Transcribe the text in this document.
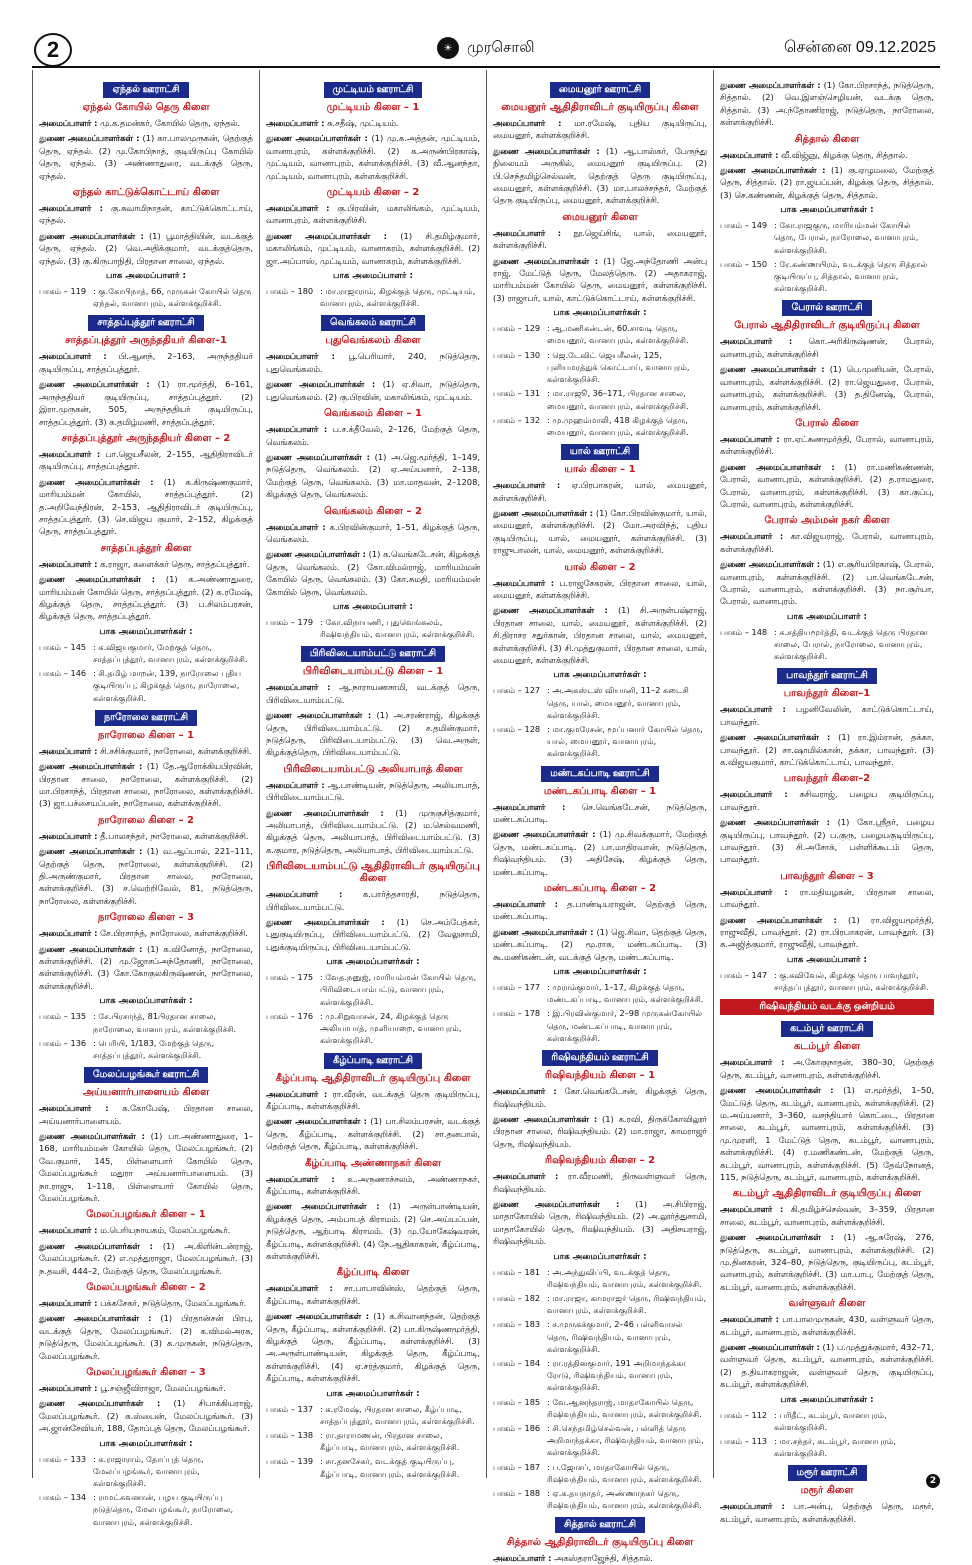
2	☀ முரசொலி	சென்னை 09.12.2025
ஏந்தல் ஊராட்சி
ஏந்தல் கோயில் தெரு கிளை
அமைப்பாளர் : மு.க.தமன்கர், கோயில் தெரு, ஏந்தல்.
துணை அமைப்பாளர்கள் : (1) கா.பாலமுருகன், தெற்குத் தெரு, ஏந்தல். (2) மு.கோபிநாத், குடியிருப்பு கோயில் தெரு, ஏந்தல். (3) அண்ணாதுரை, வடக்குத் தெரு, ஏந்தல்.
ஏந்தல் காட்டுக்கொட்டாய் கிளை
அமைப்பாளர் : கு.சுவாமிநாதன், காட்டுக்கொட்டாய், ஏந்தல்.
துணை அமைப்பாளர்கள் : (1) பூமாத்தியின், வடக்குத் தெரு, ஏந்தல். (2) வெ.அதிக்குமார், வடக்குத்தெரு, ஏந்தல். (3) கு.கிருபாநிதி, பிரதான சாலை, ஏந்தல்.
பாக அமைப்பாளர் :
பாகம் – 119 : கு.கோபிநாத், 66, முருகன் கோயில் தெரு ஏந்தல், வானாபுரம், கள்ளக்குறிச்சி.
சாத்தப்புத்தூர் ஊராட்சி
சாத்தப்புத்தூர் அருந்ததியர் கிளை–1
அமைப்பாளர் : பி.ஆனந், 2–163, அருந்ததியர் குடியிருப்பு, சாத்தப்புத்தூர்.
துணை அமைப்பாளர்கள் : (1) ரா.மூர்த்தி, 6–161, அருந்ததியர் குடியிருப்பு, சாத்தப்புத்தூர். (2) இரா.முருகன், 505, அருந்ததியர் குடியிருப்பு, சாத்தப்புத்தூர். (3) க.தமிழ்மணி, சாத்தப்புத்தூர்.
சாத்தப்புத்தூர் அருந்ததியர் கிளை – 2
அமைப்பாளர் : பா.ஜெயசீலன், 2–155, ஆதிதிராவிடர் குடியிருப்பு, சாத்தப்புத்தூர்.
துணை அமைப்பாளர்கள் : (1) க.கிருஷ்ணகுமார், மாரியம்மன் கோயில், சாத்தப்புத்தூர். (2) த.அறிவேந்திரன், 2–153, ஆதிதிராவிடர் குடியிருப்பு, சாத்தப்புத்தூர். (3) செ.விஜய குமார், 2–152, கிழக்குத் தெரு, சாத்தப்புத்தூர்.
சாத்தப்புத்தூர் கிளை
அமைப்பாளர் : க.ராஜா, களைக்கர் தெரு, சாத்தப்புத்தூர்.
துணை அமைப்பாளர்கள் : (1) க.அண்ணாதுரை, மாரியம்மன் கோயில் தெரு, சாத்தப்புத்தூர். (2) க.ரமேஷ், கிழக்குத் தெரு, சாத்தப்புத்தூர். (3) ப.சிலம்பரசன், கிழக்குத் தெரு, சாத்தப்புத்தூர்.
பாக அமைப்பாளர்கள் :
பாகம் – 145 : க.விஜயகுமார், மேற்குத் தெரு, சாத்தப்புத்தூர், வானாபுரம், கள்ளக்குறிச்சி.
பாகம் – 146 : சி.தமிழ் மாறன், 139, நாரோலை புதிய குடியிருப்பு, கிழக்குத் தெரு, நாரோலை, கள்ளக்குறிச்சி.
நாரோலை ஊராட்சி
நாரோலை கிளை – 1
அமைப்பாளர் : சி.சசிக்குமார், நாரோலை, கள்ளக்குறிச்சி.
துணை அமைப்பாளர்கள் : (1) தே.ஆரோக்கியபிரவின், பிரதான சாலை, நாரோலை, கள்ளக்குறிச்சி. (2) மா.பிரசாந்த், பிரதான சாலை, நாரோலை, கள்ளக்குறிச்சி. (3) ஜா.பச்சையப்பன், நாரோலை, கள்ளக்குறிச்சி.
நாரோலை கிளை – 2
அமைப்பாளர் : தீ.பாலசந்தர், நாரோலை, கள்ளக்குறிச்சி.
துணை அமைப்பாளர்கள் : (1) வ.ஆப்பால், 221–111, தெற்குத் தெரு, நாரோலை, கள்ளக்குறிச்சி. (2) தி.அருண்குமார், பிரதான சாலை, நாரோலை, கள்ளக்குறிச்சி. (3) ச.வெற்றிவேல், 81, நடுத்தெரு, நாரோலை, கள்ளக்குறிச்சி.
நாரோலை கிளை – 3
அமைப்பாளர் : சே.பிரசாந்த், நாரோலை, கள்ளக்குறிச்சி.
துணை அமைப்பாளர்கள் : (1) க.வினோத், நாரோலை, கள்ளக்குறிச்சி. (2) மு.ஜோசப்அந்தோணி, நாரோலை, கள்ளக்குறிச்சி. (3) கோ.கோகுலகிருஷ்ணன், நாரோலை, கள்ளக்குறிச்சி.
பாக அமைப்பாளர்கள் :
பாகம் – 135 : சே.பிரசாந்த், 81பிரதான சாலை, நாரோலை, வானாபுரம், கள்ளக்குறிச்சி.
பாகம் – 136 : பெரியி, 1/183, மேற்குத் தெரு, சாத்தப்புத்தூர், கள்ளக்குறிச்சி.
மேலப்பழங்கூர் ஊராட்சி
அய்யனார்பாளையம் கிளை
அமைப்பாளர் : க.கோபேஷ், பிரதான சாலை, அய்யனார்பாளையம்.
துணை அமைப்பாளர்கள் : (1) பா.அண்ணாதுரை, 1–168, மாரியம்மன் கோயில் தெரு, மேலப்பழங்கூர். (2) வே.குமார், 145, பிள்ளையார் கோயில் தெரு, மேலப்பழங்கூர் மதுரா அய்யனார்பாளையம். (3) நா.ராஜு, 1–118, பிள்ளையார் கோயில் தெரு, மேலப்பழங்கூர்.
மேலப்பழங்கூர் கிளை – 1
அமைப்பாளர் : ம.பெரியநாயகம், மேலப்பழங்கூர்.
துணை அமைப்பாளர்கள் : (1) அ.கிளின்டன்ராஜ், மேலப்பழங்கூர். (2) எ.முத்துராஜா, மேலப்பழங்கூர். (3) ந.தவசி, 444–2, மேற்குத் தெரு, மேலப்பழங்கூர்.
மேலப்பழங்கூர் கிளை – 2
அமைப்பாளர் : பக்கசேகர், நடுத்தெரு, மேலப்பழங்கூர்.
துணை அமைப்பாளர்கள் : (1) பிரதான்சன் பிரபு, வடக்குத் தெரு, மேலப்பழங்கூர். (2) க.விமல்அரசு, நடுத்தெரு, மேலப்பழங்கூர். (3) க.முருகன், நடுத்தெரு, மேலப்பழங்கூர்.
மேலப்பழங்கூர் கிளை – 3
அமைப்பாளர் : பூ.சஞ்ஜீவிராஜா, மேலப்பழங்கூர்.
துணை அமைப்பாளர்கள் : (1) சிபாக்கியராஜ், மேலப்பழங்கூர். (2) சு.ஸ்பைன், மேலப்பழங்கூர். (3) அ.ஜான்சேவியர், 188, தோப்புத் தெரு, மேலப்பழங்கூர்.
பாக அமைப்பாளர்கள் :
பாகம் – 133 : க.ராஜாராம், தோப்புத் தெரு, மேலப்பழங்கூர், வானாபுரம், கள்ளக்குறிச்சி.
பாகம் – 134 : ராமட்சுவனான், பழய குடியிருப்பு நடுத்தெரு, மேலபழங்கூர், நாரோலை, வானாபுரம், கள்ளக்குறிச்சி.
முட்டியம் ஊராட்சி
முட்டியம் கிளை – 1
அமைப்பாளர் : சு.சதீஷ், முட்டியம்.
துணை அமைப்பாளர்கள் : (1) மு.க.அத்தன், முட்டியம், வானாபுரம், கள்ளக்குறிச்சி. (2) க.அருண்பிரகாஷ், முட்டியம், வானாபுரம், கள்ளக்குறிச்சி. (3) வீ.ஆனந்தா, முட்டியம், வானாபுரம், கள்ளக்குறிச்சி.
முட்டியம் கிளை – 2
அமைப்பாளர் : கு.பிரவின், மகாலிங்கம், முட்டியம், வானாபுரம், கள்ளக்குறிச்சி.
துணை அமைப்பாளர்கள் : (1) சி.தமிழ்குமார், மகாலிங்கம், முட்டியம், வானாகரம், கள்ளக்குறிச்சி. (2) ஜா.அப்பாஸ், முட்டியம், வானாகரம், கள்ளக்குறிச்சி.
பாக அமைப்பாளர் :
பாகம் – 180 : மா.ராஜாராம், கிழக்குத் தெரு, முட்டியம், வானாபுரம், கள்ளக்குறிச்சி.
வெங்கலம் ஊராட்சி
புதுவெங்கலம் கிளை
அமைப்பாளர் : பூ.பெரியார், 240, நடுத்தெரு, புதுவெங்கலம்.
துணை அமைப்பாளர்கள் : (1) ஏ.சிவா, நடுத்தெரு, புதுவெங்கலம். (2) கு.பிரவின், மகாலிங்கம், முட்டியம்.
வெங்கலம் கிளை – 1
அமைப்பாளர் : ப.ச.க்தீவேல், 2–126, மேற்குத் தெரு, வெங்கலம்.
துணை அமைப்பாளர்கள் : (1) அ.ஜெ.மூர்த்தி, 1–149, நடுத்தெரு, வெங்கலம். (2) ஏ.அய்யனார், 2–138, மேற்குத் தெரு, வெங்கலம். (3) மா.மாதவன், 2–1208, கிழக்குத் தெரு, வெங்கலம்.
வெங்கலம் கிளை – 2
அமைப்பாளர் : க.பிரவின்குமார், 1–51, கிழக்குத் தெரு, வெங்கலம்.
துணை அமைப்பாளர்கள் : (1) க.வெங்கடேசன், கிழக்குத் தெரு, வெங்கலம். (2) கோ.விமல்ராஜ், மாரியம்மன் கோயில் தெரு, வெங்கலம். (3) கோ.சுமதி, மாரியம்மன் கோயில் தெரு, வெங்கலம்.
பாக அமைப்பாளர் :
பாகம் – 179 : கோ.விநாயணி, புதுவெங்கலம், ரிஷிவந்தியம், வானாபுரம், கள்ளக்குறிச்சி.
பிரிவிடையாம்பட்டு ஊராட்சி
பிரிவிடையாம்பட்டு கிளை – 1
அமைப்பாளர் : ஆ.நாராயணசாமி, வடக்குத் தெரு, பிரிவிடையாம்பட்டு.
துணை அமைப்பாளர்கள் : (1) அ.சரண்ராஜ், கிழக்குத் தெரு, பிரிவிடையாம்பட்டு. (2) ச.தமின்குமார், நடுத்தெரு, பிரிவிடையாம்பட்டு. (3) வெ.அருள், கிழக்குத்தெரு, பிரிவிடையாம்பட்டு.
பிரிவிடையாம்பட்டு அலியாபாத் கிளை
அமைப்பாளர் : ஆ.பாண்டியன், நடுத்தெரு, அலியாபாத், பிரிவிடையாம்பட்டு.
துணை அமைப்பாளர்கள் : (1) முருகுசித்குமார், அலியாபாத், பிரிவிடையாம்பட்டு. (2) ம.செல்வமணி, கிழக்குத் தெரு, அலியாபாத், பிரிவிடையாம்பட்டு. (3) க.குமார, நடுத்தெரு, அலியாபாத், பிரிவிடையாம்பட்டு.
பிரிவிடையாம்பட்டு ஆதிதிராவிடர் குடியிருப்பு கிளை
அமைப்பாளர் : க.பார்த்தசாரதி, நடுத்தெரு, பிரிவிடையாம்பட்டு.
துணை அமைப்பாளர்கள் : (1) செ.அம்பேத்கர், புதுகுடியிருப்பு, பிரிவிடையாம்பட்டு. (2) வேலுசாமி, புதுக்குடியிருப்பு, பிரிவிடையாம்பட்டு.
பாக அமைப்பாளர்கள் :
பாகம் – 175 : வேத.நனுஜ், மாரியம்மன் கோயில் தெரு, பிரிவிடையாம்பட்டு, வானாபுரம், கள்ளக்குறிச்சி.
பாகம் – 176 : மு.சிறுவாசன், 24, கிழக்குத் தெரு அலியாபாத், முளியாறை, வானாபுரம், கள்ளக்குறிச்சி.
கீழ்ப்பாடி ஊராட்சி
கீழ்ப்பாடி ஆதிதிராவிடர் குடியிருப்பு கிளை
அமைப்பாளர் : ரா.வீரன், வடக்குத் தெரு குடியிருப்பு, கீழ்ப்பாடி, கள்ளக்குறிச்சி.
துணை அமைப்பாளர்கள் : (1) பா.சிலம்பரசன், வடக்குத் தெரு, கீழ்ப்பாடி, கள்ளக்குறிச்சி. (2) சா.தனபால், தெற்குத் தெரு, கீழ்ப்பாடி, கள்ளக்குறிச்சி.
கீழ்ப்பாடி அண்ணாநகர் கிளை
அமைப்பாளர் : உ.அருணாச்சலம், அண்ணாநகர், கீழ்ப்பாடி, கள்ளக்குறிச்சி.
துணை அமைப்பாளர்கள் : (1) அருள்பாண்டியன், கிழக்குத் தெரு, அம்பாபத் கிராமம். (2) செ.அய்யப்பன், நடுத்தெரு, ஆற்பாடி கிராமம். (3) மு.யோகேஷ்வரன், கீழ்ப்பாடி, கள்ளக்குறிச்சி. (4) நே.ஆதிகாகரன், கீழ்ப்பாடி, கள்ளக்குறிச்சி.
கீழ்ப்பாடி கிளை
அமைப்பாளர் : சா.பாபாவின்ஸ், தெற்குத் தெரு, கீழ்ப்பாடி, கள்ளக்குறிச்சி.
துணை அமைப்பாளர்கள் : (1) க.சிவானந்தன், தெற்குத் தெரு, கீழ்ப்பாடி, கள்ளக்குறிச்சி. (2) பா.கிருஷ்ணமூர்த்தி, கிழக்குத் தெரு, கீழ்ப்பாடி, கள்ளக்குறிச்சி. (3) அ.அருள்பாண்டியன், கிழக்குத் தெரு, கீழ்ப்பாடி, கள்ளக்குறிச்சி. (4) ஏ.சரத்குமார், கிழக்குத் தெரு, கீழ்ப்பாடி, கள்ளக்குறிச்சி.
பாக அமைப்பாளர்கள் :
பாகம் – 137 : க.ரமேஷ், பிரதான சாலை, கீழ்ப்பாடி, சாத்தப்புத்தூர், வானாபுரம், கள்ளக்குறிச்சி.
பாகம் – 138 : ரா.தாராமணன், பிரதான சாலை, கீழ்ப்பாடி, வானாபுரம், கள்ளக்குறிச்சி.
பாகம் – 139 : சா.தனசேகர், வடக்குத் குடியிருப்பு, கீழ்ப்பாடி, வானாபுரம், கள்ளக்குறிச்சி.
மையனூர் ஊராட்சி
மையனூர் ஆதிதிராவிடர் குடியிருப்பு கிளை
அமைப்பாளர் : மா.ரமேஷ், புதிய குடியிருப்பு, மையனூர், கள்ளக்குறிச்சி.
துணை அமைப்பாளர்கள் : (1) ஆ.பாஸ்கர், பேருந்து நிலையம் அருகில், மையனூர் குடியிருப்பு. (2) பி.செந்தமிழ்செல்வன், தெற்குத் தெரு குடியிருப்பு, மையனூர், கள்ளக்குறிச்சி. (3) மா.பாலச்சந்தர், மேற்குத் தெரு குடியிருப்பு, மையனூர், கள்ளக்குறிச்சி.
மையனூர் கிளை
அமைப்பாளர் : நூ.ஜெய்சிங், யால், மையனூர், கள்ளக்குறிச்சி.
துணை அமைப்பாளர்கள் : (1) ஜே.அந்தோணி அன்பு ராஜ், மேட்டுத் தெரு, மேலத்தெரு. (2) அதாகராஜ், மாரியம்மன் கோயில் தெரு, மையனூர், கள்ளக்குறிச்சி. (3) ராஜாபர், யால், காட்டுக்கொட்டாய், கள்ளக்குறிச்சி.
பாக அமைப்பாளர்கள் :
பாகம் – 129 : ஆ.மணிகன்டன், 60.சாவடி தெரு, மையனூர், வானாபுரம், கள்ளக்குறிச்சி.
பாகம் – 130 : ஜெ.டேவிட் ஜெயசீலன், 125, புளியமரத்துக் கொட்டாய், வானாபுரம், கள்ளக்குறிச்சி.
பாகம் – 131 : மா.ராஜூ, 36–171, பிரதான சாலை, மையனூர், வானாபுரம், கள்ளக்குறிச்சி.
பாகம் – 132 : மு.முஹம்மாலி, 418 கிழக்குத் தெரு, மையனூர், வானாபுரம், கள்ளக்குறிச்சி.
யால் ஊராட்சி
யால் கிளை – 1
அமைப்பாளர் : ஏ.பிரபாகரன், யால், மையனூர், கள்ளக்குறிச்சி.
துணை அமைப்பாளர்கள் : (1) கோ.பிரவின்குமார், யால், மையனூர், கள்ளக்குறிச்சி. (2) மோ.அரவிந்த், புதிய குடியிருப்பு, யால், மையனூர், கள்ளக்குறிச்சி. (3) ராஜுபாலன், யால், மையனூர், கள்ளக்குறிச்சி.
யால் கிளை – 2
அமைப்பாளர் : ப.ராஜசேகரன், பிரதான சாலை, யால், மையனூர், கள்ளக்குறிச்சி.
துணை அமைப்பாளர்கள் : (1) சி.அருள்பஷ்ராஜ், பிரதான சாலை, யால், மையனூர், கள்ளக்குறிச்சி. (2) சி.திராசர சதுர்கான், பிரதான சாலை, யால், மையனூர், கள்ளக்குறிச்சி. (3) சி.முத்துகுமார், பிரதான சாலை, யால், மையனூர், கள்ளக்குறிச்சி.
பாக அமைப்பாளர்கள் :
பாகம் – 127 : அ.அகஸ்டஸ் வியானி, 11–2 கடைசி தெரு, யால், மையனூர், வானாபுரம், கள்ளக்குறிச்சி.
பாகம் – 128 : மா.குமரேசன், மூப்பனார் கோயில் தெரு, யால், மையனூர், வானாபுரம், கள்ளக்குறிச்சி.
மண்டகப்பாடி ஊராட்சி
மண்டகப்பாடி கிளை – 1
அமைப்பாளர் : செ.வெங்கடேசன், நடுத்தெரு, மண்டகப்பாடி.
துணை அமைப்பாளர்கள் : (1) மு.சிவக்குமார், மேற்குத் தெரு, மண்டகப்பாடி. (2) பா.மாதிரவான், நடுத்தெரு, ரிஷிவந்தியம். (3) அதிசேஷ், கிழக்குத் தெரு, மண்டகப்பாடி.
மண்டகப்பாடி கிளை – 2
அமைப்பாளர் : த.பாண்டியராஜன், தெற்குத் தெரு, மண்டகப்பாடி.
துணை அமைப்பாளர்கள் : (1) ஜெ.சிவா, தெற்குத் தெரு, மண்டகப்பாடி. (2) மூ.ராசு, மண்டகப்பாடி. (3) கூ.மணிகண்டன், வடக்குத் தெரு, மண்டகப்பாடி.
பாக அமைப்பாளர்கள் :
பாகம் – 177 : முராம்குமார், 1–17, கிழக்குத் தெரு, மண்டகப்பாடி, வானாபுரம், கள்ளக்குறிச்சி.
பாகம் – 178 : இ.பிரவின்குமார், 2–98 முருகன்கோயில் தெரு, மண்டகப்பாடி, வானாபுரம், கள்ளக்குறிச்சி.
ரிஷிவந்தியம் ஊராட்சி
ரிஷிவந்தியம் கிளை – 1
அமைப்பாளர் : கோ.வெங்கடேசன், கிழக்குத் தெரு, ரிஷிவந்தியம்.
துணை அமைப்பாளர்கள் : (1) க.ரவி, திருக்கோவிலூர் பிரதான சாலை, ரிஷிவந்தியம். (2) மா.ராஜா, காமராஜர் தெரு, ரிஷிவந்தியம்.
ரிஷிவந்தியம் கிளை – 2
அமைப்பாளர் : ரா.வீரமணி, திருவள்ளுவர் தெரு, ரிஷிவந்தியம்.
துணை அமைப்பாளர்கள் : (1) அ.சிபிராஜ், மாதாகோயில் தெரு, ரிஷிவந்தியம். (2) அ.லூர்த்துசாமி, மாதாகோயில் தெரு, ரிஷிவந்தியம். (3) அதிசயராஜ், ரிஷிவந்தியம்.
பாக அமைப்பாளர்கள் :
பாகம் – 181 : அ.அந்துவிப்பி, வடக்குத் தெரு, ரிஷிவந்தியம், வானாபுரம், கள்ளக்குறிச்சி.
பாகம் – 182 : மா.ராஜா, காமராஜர் தெரு, ரிஷிவந்தியம், வானாபுரம், கள்ளக்குறிச்சி.
பாகம் – 183 : ச.முருகக்குமார், 2–46 பள்ளிவாசல் தெரு, ரிஷிவந்தியம், வானாபுரம், கள்ளக்குறிச்சி.
பாகம் – 184 : ரா.ரத்தினகுமார், 191 அறிமாந்தக்கா ரோடு, ரிஷிவந்தியம், வானாபுரம், கள்ளக்குறிச்சி.
பாகம் – 185 : வே.ஆனந்தராஜ், மாதாகோயில் தெரு, ரிஷிவந்தியம், வானாபுரம், கள்ளக்குறிச்சி.
பாகம் – 186 : சி.செந்தமிழ்செல்வன், பள்ளித் தெரு அறிமாந்தக்கா, ரிஷிவந்தியம், வானாபுரம், கள்ளக்குறிச்சி.
பாகம் – 187 : ப.ஜோசப், மாதாகோயில் தெரு, ரிஷிவந்தியம், வானாபுரம், கள்ளக்குறிச்சி.
பாகம் – 188 : ஏ.க.தயநாதர், அண்ணாநகர் தெரு, ரிஷிவந்தியம், வானாபுரம், கள்ளக்குறிச்சி.
சித்தால் ஊராட்சி
சித்தால் ஆதிதிராவிடர் குடியிருப்பு கிளை
அமைப்பாளர் : அகஸ்தராஜேந்தி, சித்தால்.
துணை அமைப்பாளர்கள் : (1) கோ.பிரசாந்த், நடுத்தெரு, சித்தால். (2) வெ.இளஞ்செழியன், வடக்கு தெரு, சித்தால். (3) அ.ந்தோணிராஜ், நடுத்தெரு, நாரோலை, கள்ளக்குறிச்சி.
சித்தால் கிளை
அமைப்பாளர் : வீ.விஜ்ஞு, கிழக்கு தெரு, சித்தால்.
துணை அமைப்பாளர்கள் : (1) கு.ஏழுமலை, மேற்குத் தெரு, சித்தால். (2) ரா.ஜயப்பன், கிழக்கு தெரு, சித்தால். (3) செ.கண்ணன், கிழக்குத் தெரு, சித்தால்.
பாக அமைப்பாளர்கள் :
பாகம் – 149 : கோ.ராஜகுரு, மாரியம்மன் கோயில் தெரு, பேரால், நாரோலை, வானாபுரம், கள்ளக்குறிச்சி.
பாகம் – 150 : ரே.கண்ணயிரம், வடக்குத் தெரு சித்தால் குடியிருப்பு, சித்தால், வானாபுரம், கள்ளக்குறிச்சி.
பேரால் ஊராட்சி
பேரால் ஆதிதிராவிடர் குடியிருப்பு கிளை
அமைப்பாளர் : கொ.அரிகிருஷ்ணன், பேரால், வானாபுரம், கள்ளக்குறிச்சி
துணை அமைப்பாளர்கள் : (1) பெ.முனியன், பேரால், வானாபுரம், கள்ளக்குறிச்சி. (2) ரா.ஜெயதுரை, பேரால், வானாபுரம், கள்ளக்குறிச்சி. (3) த.தினேஷ், பேரால், வானாபுரம், கள்ளக்குறிச்சி.
பேரால் கிளை
அமைப்பாளர் : ரா.ஏட்சுணமூர்த்தி, பேரால், வானாபுரம், கள்ளக்குறிச்சி.
துணை அமைப்பாளர்கள் : (1) ரா.மணிகண்ணன், பேரால், வானாபுரம், கள்ளக்குறிச்சி. (2) த.ராமதுரை, பேரால், வானாபுரம், கள்ளக்குறிச்சி. (3) கா.குப்பு, பேரால், வானாபுரம், கள்ளக்குறிச்சி.
பேரால் அம்மன் நகர் கிளை
அமைப்பாளர் : கா.விஜயராஜ், பேரால், வானாபுரம், கள்ளக்குறிச்சி.
துணை அமைப்பாளர்கள் : (1) எ.சூரியபிரகாஷ், பேரால், வானாபுரம், கள்ளக்குறிச்சி. (2) பா.வெங்கடேசன், பேரால், வானாபுரம், கள்ளக்குறிச்சி. (3) நா.சூர்யா, பேரால், வானாபுரம்.
பாக அமைப்பாளர் :
பாகம் – 148 : சு.சத்தியமூர்த்தி, வடக்குத் தெரு பிரதான சாலை, பேரால், நாரோலை, வானாபுரம், கள்ளக்குறிச்சி.
பாவந்தூர் ஊராட்சி
பாவந்தூர் கிளை–1
அமைப்பாளர் : பழனிவேலின், காட்டுக்கொட்டாய், பாவந்தூர்.
துணை அமைப்பாளர்கள் : (1) ரா.இம்ரான், தக்கா, பாவந்தூர். (2) சா.ஷாமில்கான், தக்கா, பாவந்தூர். (3) க.விஜயகுமார், காட்டுக்கொட்டாய், பாவந்தூர்.
பாவந்தூர் கிளை–2
அமைப்பாளர் : சுசிவராஜ், பழைய குடியிருப்பு, பாவந்தூர்.
துணை அமைப்பாளர்கள் : (1) கோ.ஸ்ரீதர், பழைய குடியிருப்பு, பாவந்தூர். (2) ப.குரு, பழையகுடியிருப்பு, பாவந்தூர். (3) சி.அசோக், பள்ளிக்கூடம் தெரு, பாவந்தூர்.
பாவந்தூர் கிளை – 3
அமைப்பாளர் : ரா.மதியழகன், பிரதான சாலை, பாவந்தூர்.
துணை அமைப்பாளர்கள் : (1) ரா.விஜயமூர்த்தி, ராஜுவீதி, பாவந்தூர். (2) ரா.பிரபாகரன், பாவந்தூர். (3) சு.அஜித்குமார், ராஜுவீதி, பாவந்தூர்.
பாக அமைப்பாளர் :
பாகம் – 147 : கு.கவிவேல், கிழக்கு தெரு பாவந்தூர், சாத்தப்புத்தூர், வானாபுரம், கள்ளக்குறிச்சி.
ரிஷிவந்தியம் வடக்கு ஒன்றியம்
கடம்பூர் ஊராட்சி
கடம்பூர் கிளை
அமைப்பாளர் : அ.கோகுநாதன், 380–30, தெற்குத் தெரு, கடம்பூர், வானாபுரம், கள்ளக்குறிச்சி.
துணை அமைப்பாளர்கள் : (1) எ.மூர்த்தி, 1–50, மேட்டுத் தெரு, கடம்பூர், வானாபுரம், கள்ளக்குறிச்சி. (2) ம.அய்யனார், 3–360, வசந்தியார் கொட்டை, பிரதான சாலை, கடம்பூர், வானாபுரம், கள்ளக்குறிச்சி. (3) மு.முரளி, 1 மேட்டுத் தெரு, கடம்பூர், வானாபுரம், கள்ளக்குறிச்சி. (4) ர.மணிகண்டன், மேற்குத் தெரு, கடம்பூர், வானாபுரம், கள்ளக்குறிச்சி. (5) தேவ்நோனத், 115, நடுத்தெரு, கடம்பூர், வானாபுரம், கள்ளக்குறிச்சி.
கடம்பூர் ஆதிதிராவிடர் குடியிருப்பு கிளை
அமைப்பாளர் : கி.தமிழ்ச்செல்வன், 3–359, பிரதான சாலை, கடம்பூர், வானாபுரம், கள்ளக்குறிச்சி.
துணை அமைப்பாளர்கள் : (1) ஆ.சுரேஷ், 276, நடுத்தெரு, கடம்பூர், வானாபுரம், கள்ளக்குறிச்சி. (2) மு.தினகரன், 324–80, நடுத்தெரு, குடியிருப்பு, கடம்பூர், வானாபுரம், கள்ளக்குறிச்சி. (3) மா.பாபு, மேற்குத் தெரு, கடம்பூர், வானாபுரம், கள்ளக்குறிச்சி.
வள்ளுவர் கிளை
அமைப்பாளர் : பா.பாலமுருகன், 430, வள்ளுவர் தெரு, கடம்பூர், வானாபுரம், கள்ளக்குறிச்சி.
துணை அமைப்பாளர்கள் : (1) ப.முத்துக்குமார், 432–71, வள்ளுவர் தெரு, கடம்பூர், வானாபுரம், கள்ளக்குறிச்சி. (2) த.தியாகராஜன், வள்ளுவர் தெரு, குடியிருப்பு, கடம்பூர், கள்ளக்குறிச்சி.
பாக அமைப்பாளர்கள் :
பாகம் – 112 : பரிதீட், கடம்பூர், வானாபுரம், கள்ளக்குறிச்சி.
பாகம் – 113 : மா.சந்தர், கடம்பூர், வானாபுரம், கள்ளக்குறிச்சி.
மரூர் ஊராட்சி
மரூர் கிளை
அமைப்பாளர் : பா.அன்பு, தெற்குத் தெரு, மரூர், கடம்பூர், வானாபுரம், கள்ளக்குறிச்சி.
2
